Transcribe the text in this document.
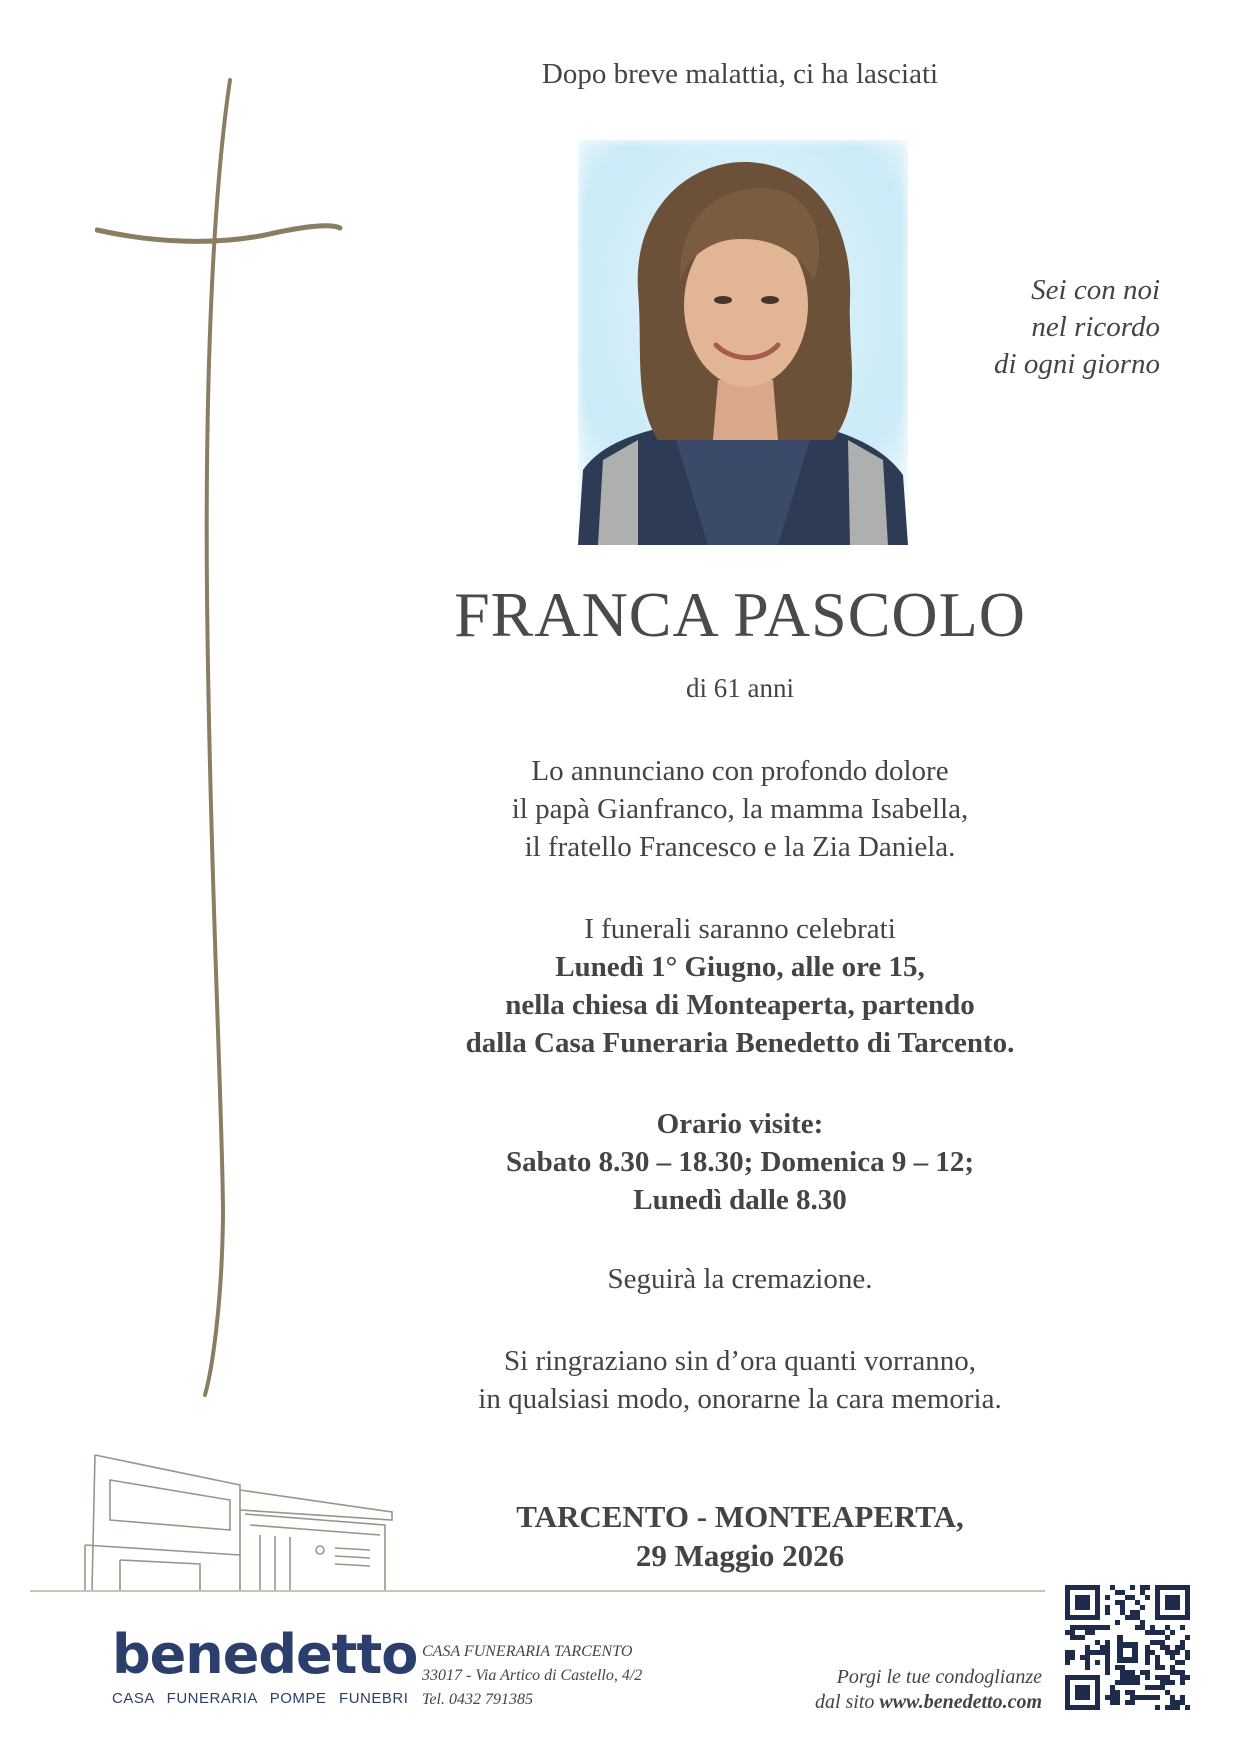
Dopo breve malattia, ci ha lasciati
Sei con noi
nel ricordo
di ogni giorno
FRANCA PASCOLO
di 61 anni
Lo annunciano con profondo dolore
il papà Gianfranco, la mamma Isabella,
il fratello Francesco e la Zia Daniela.
I funerali saranno celebrati
Lunedì 1° Giugno, alle ore 15,
nella chiesa di Monteaperta, partendo
dalla Casa Funeraria Benedetto di Tarcento.
Orario visite:
Sabato 8.30 – 18.30; Domenica 9 – 12;
Lunedì dalle 8.30
Seguirà la cremazione.
Si ringraziano sin d’ora quanti vorranno,
in qualsiasi modo, onorarne la cara memoria.
TARCENTO - MONTEAPERTA,
29 Maggio 2026
benedetto
CASA FUNERARIA POMPE FUNEBRI
CASA FUNERARIA TARCENTO
33017 - Via Artico di Castello, 4/2
Tel. 0432 791385
Porgi le tue condoglianze
dal sito www.benedetto.com
